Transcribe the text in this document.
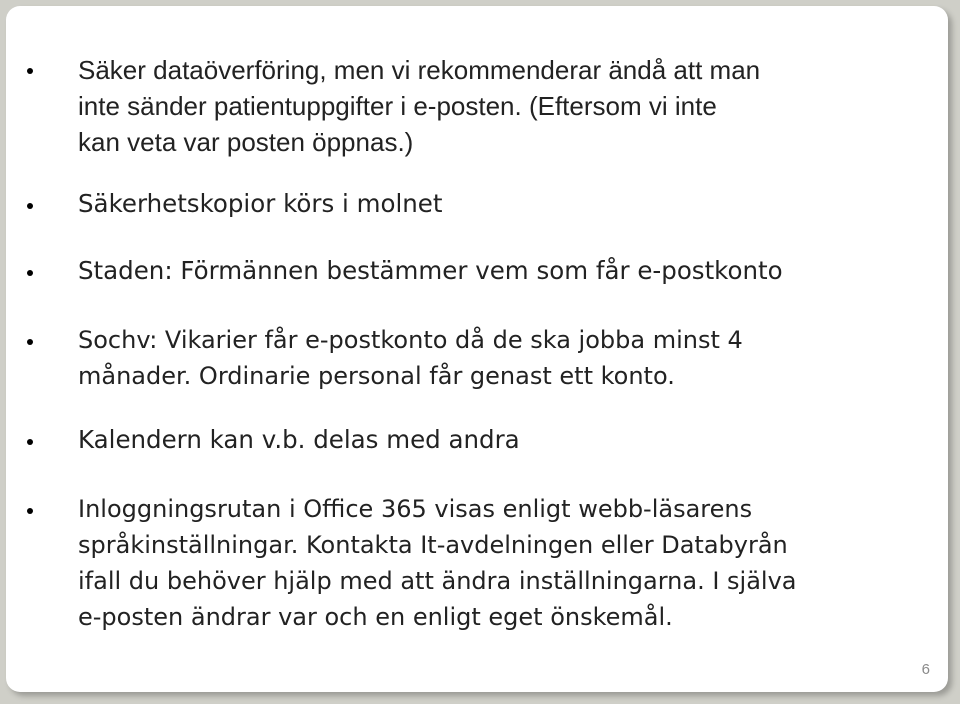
Säker dataöverföring, men vi rekommenderar ändå att man
inte sänder patientuppgifter i e-posten. (Eftersom vi inte
kan veta var posten öppnas.)
Säkerhetskopior körs i molnet
Staden: Förmännen bestämmer vem som får e-postkonto
Sochv: Vikarier får e-postkonto då de ska jobba minst 4
månader. Ordinarie personal får genast ett konto.
Kalendern kan v.b. delas med andra
Inloggningsrutan i Office 365 visas enligt webb-läsarens
språkinställningar. Kontakta It-avdelningen eller Databyrån
ifall du behöver hjälp med att ändra inställningarna. I själva
e-posten ändrar var och en enligt eget önskemål.
6
